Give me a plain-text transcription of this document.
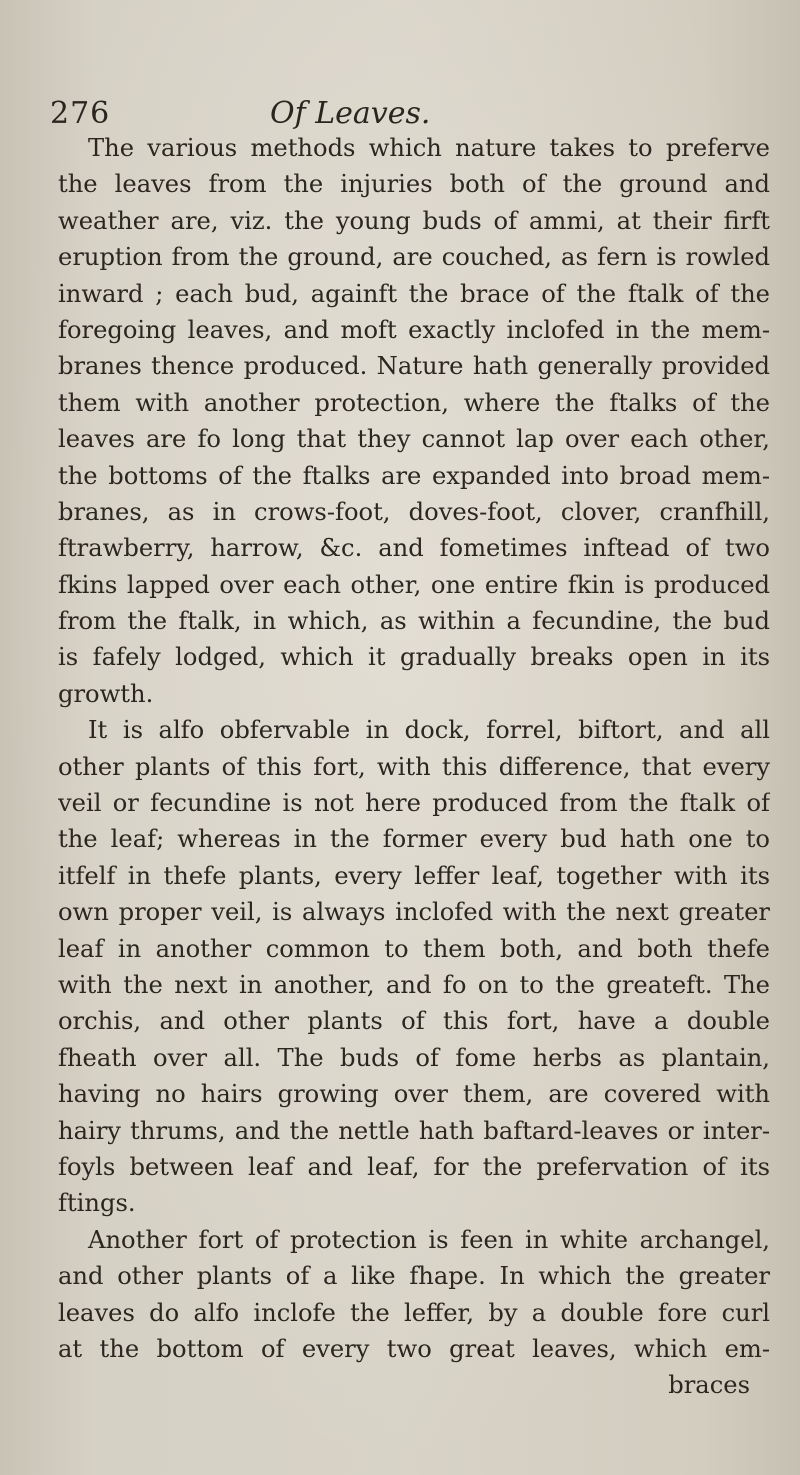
276	Of Leaves.
The various methods which nature takes to preferve
the leaves from the injuries both of the ground and
weather are, viz. the young buds of ammi, at their firft
eruption from the ground, are couched, as fern is rowled
inward ; each bud, againft the brace of the ftalk of the
foregoing leaves, and moft exactly inclofed in the mem-
branes thence produced. Nature hath generally provided
them with another protection, where the ftalks of the
leaves are fo long that they cannot lap over each other,
the bottoms of the ftalks are expanded into broad mem-
branes, as in crows-foot, doves-foot, clover, cranfhill,
ftrawberry, harrow, &c. and fometimes inftead of two
fkins lapped over each other, one entire fkin is produced
from the ftalk, in which, as within a fecundine, the bud
is fafely lodged, which it gradually breaks open in its
growth.
It is alfo obfervable in dock, forrel, biftort, and all
other plants of this fort, with this difference, that every
veil or fecundine is not here produced from the ftalk of
the leaf; whereas in the former every bud hath one to
itfelf in thefe plants, every leffer leaf, together with its
own proper veil, is always inclofed with the next greater
leaf in another common to them both, and both thefe
with the next in another, and fo on to the greateft. The
orchis, and other plants of this fort, have a double
fheath over all. The buds of fome herbs as plantain,
having no hairs growing over them, are covered with
hairy thrums, and the nettle hath baftard-leaves or inter-
foyls between leaf and leaf, for the prefervation of its
ftings.
Another fort of protection is feen in white archangel,
and other plants of a like fhape. In which the greater
leaves do alfo inclofe the leffer, by a double fore curl
at the bottom of every two great leaves, which em-
braces
